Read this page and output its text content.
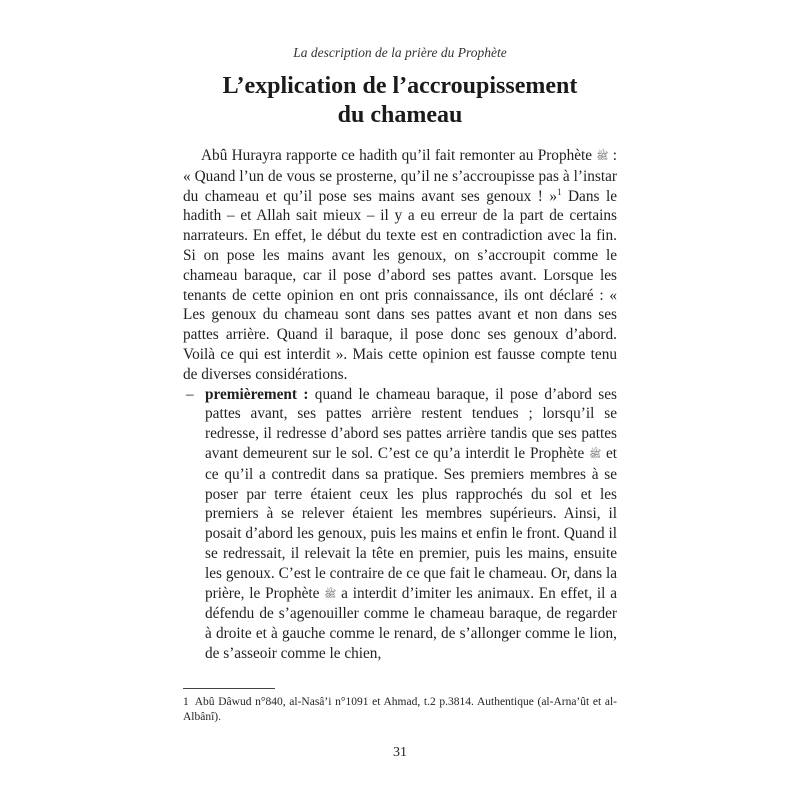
La description de la prière du Prophète
L’explication de l’accroupissement
du chameau

Abû Hurayra rapporte ce hadith qu’il fait remonter au Prophète ﷺ : « Quand l’un de vous se prosterne, qu’il ne s’accroupisse pas à l’instar du chameau et qu’il pose ses mains avant ses genoux ! »$^1$ Dans le hadith – et Allah sait mieux – il y a eu erreur de la part de certains narrateurs. En effet, le début du texte est en contradiction avec la fin. Si on pose les mains avant les genoux, on s’accroupit comme le chameau baraque, car il pose d’abord ses pattes avant. Lorsque les tenants de cette opinion en ont pris connaissance, ils ont déclaré : « Les genoux du chameau sont dans ses pattes avant et non dans ses pattes arrière. Quand il baraque, il pose donc ses genoux d’abord. Voilà ce qui est interdit ». Mais cette opinion est fausse compte tenu de diverses considérations.

– premièrement : quand le chameau baraque, il pose d’abord ses pattes avant, ses pattes arrière restent tendues ; lorsqu’il se redresse, il redresse d’abord ses pattes arrière tandis que ses pattes avant demeurent sur le sol. C’est ce qu’a interdit le Prophète ﷺ et ce qu’il a contredit dans sa pratique. Ses premiers membres à se poser par terre étaient ceux les plus rapprochés du sol et les premiers à se relever étaient les membres supérieurs. Ainsi, il posait d’abord les genoux, puis les mains et enfin le front. Quand il se redressait, il relevait la tête en premier, puis les mains, ensuite les genoux. C’est le contraire de ce que fait le chameau. Or, dans la prière, le Prophète ﷺ a interdit d’imiter les animaux. En effet, il a défendu de s’agenouiller comme le chameau baraque, de regarder à droite et à gauche comme le renard, de s’allonger comme le lion, de s’asseoir comme le chien,
1 Abû Dâwud n°840, al-Nasâ’i n°1091 et Ahmad, t.2 p.3814. Authentique (al-Arna’ût et al-Albânî).
31
